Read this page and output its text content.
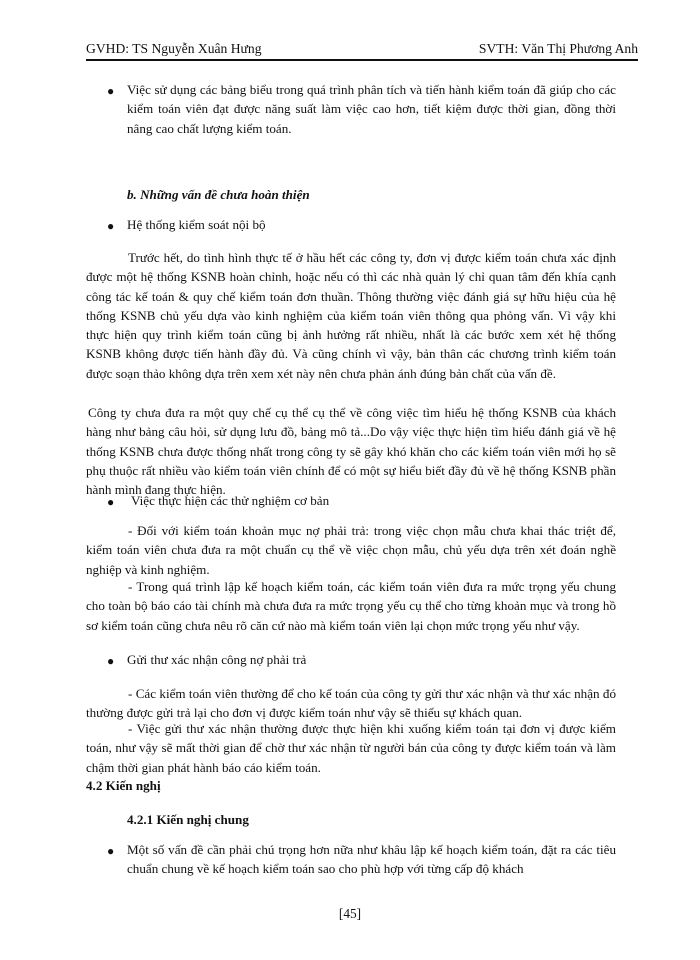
GVHD: TS Nguyễn Xuân Hưng	SVTH: Văn Thị Phương Anh
● Việc sử dụng các bảng biểu trong quá trình phân tích và tiến hành kiểm toán đã giúp cho các kiểm toán viên đạt được năng suất làm việc cao hơn, tiết kiệm được thời gian, đồng thời nâng cao chất lượng kiểm toán.

b. Những vấn đề chưa hoàn thiện

● Hệ thống kiểm soát nội bộ

Trước hết, do tình hình thực tế ở hầu hết các công ty, đơn vị được kiểm toán chưa xác định được một hệ thống KSNB hoàn chỉnh, hoặc nếu có thì các nhà quản lý chỉ quan tâm đến khía cạnh công tác kế toán & quy chế kiểm toán đơn thuần. Thông thường việc đánh giá sự hữu hiệu của hệ thống KSNB chủ yếu dựa vào kinh nghiệm của kiểm toán viên thông qua phỏng vấn. Vì vậy khi thực hiện quy trình kiểm toán cũng bị ảnh hưởng rất nhiều, nhất là các bước xem xét hệ thống KSNB không được tiến hành đầy đủ. Và cũng chính vì vậy, bản thân các chương trình kiểm toán được soạn thảo không dựa trên xem xét này nên chưa phản ánh đúng bản chất của vấn đề.

Công ty chưa đưa ra một quy chế cụ thể cụ thể về công việc tìm hiểu hệ thống KSNB của khách hàng như bảng câu hỏi, sử dụng lưu đồ, bảng mô tả...Do vậy việc thực hiện tìm hiểu đánh giá về hệ thống KSNB chưa được thống nhất trong công ty sẽ gây khó khăn cho các kiểm toán viên mới họ sẽ phụ thuộc rất nhiều vào kiểm toán viên chính để có một sự hiểu biết đầy đủ về hệ thống KSNB phần hành mình đang thực hiện.

● Việc thực hiện các thử nghiệm cơ bản

- Đối với kiểm toán khoản mục nợ phải trả: trong việc chọn mẫu chưa khai thác triệt để, kiểm toán viên chưa đưa ra một chuẩn cụ thể về việc chọn mẫu, chủ yếu dựa trên xét đoán nghề nghiệp và kinh nghiệm.

- Trong quá trình lập kế hoạch kiểm toán, các kiểm toán viên đưa ra mức trọng yếu chung cho toàn bộ báo cáo tài chính mà chưa đưa ra mức trọng yếu cụ thể cho từng khoản mục và trong hồ sơ kiểm toán cũng chưa nêu rõ căn cứ nào mà kiểm toán viên lại chọn mức trọng yếu như vậy.

● Gửi thư xác nhận công nợ phải trả

- Các kiểm toán viên thường để cho kế toán của công ty gửi thư xác nhận và thư xác nhận đó thường được gửi trả lại cho đơn vị được kiểm toán như vậy sẽ thiếu sự khách quan.

- Việc gửi thư xác nhận thường được thực hiện khi xuống kiểm toán tại đơn vị được kiểm toán, như vậy sẽ mất thời gian để chờ thư xác nhận từ người bán của công ty được kiểm toán và làm chậm thời gian phát hành báo cáo kiểm toán.

4.2 Kiến nghị

4.2.1 Kiến nghị chung

● Một số vấn đề cần phải chú trọng hơn nữa như khâu lập kế hoạch kiểm toán, đặt ra các tiêu chuẩn chung về kế hoạch kiểm toán sao cho phù hợp với từng cấp độ khách

[45]
